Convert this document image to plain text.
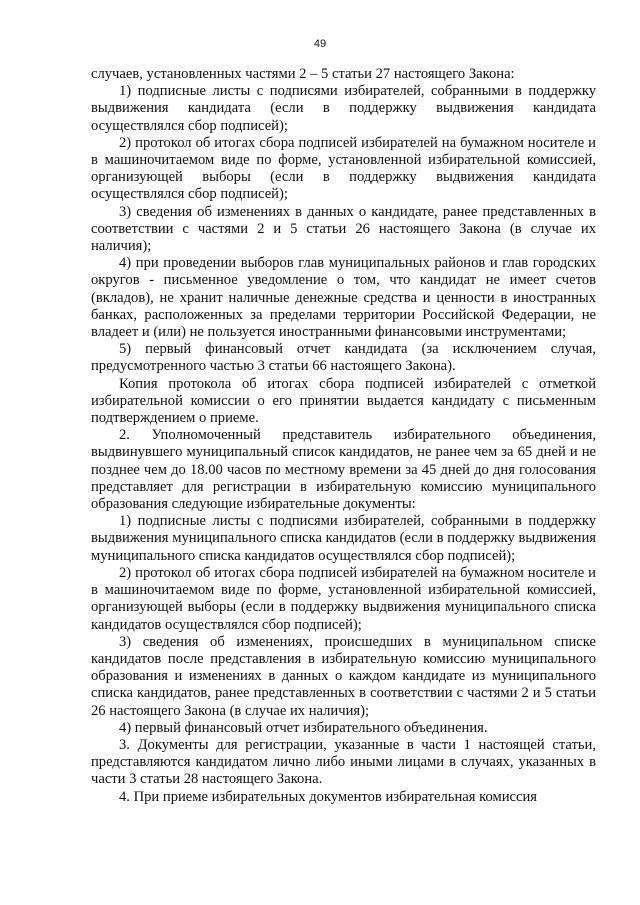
49

случаев, установленных частями 2 – 5 статьи 27 настоящего Закона:

1) подписные листы с подписями избирателей, собранными в поддержку выдвижения кандидата (если в поддержку выдвижения кандидата осуществлялся сбор подписей);

2) протокол об итогах сбора подписей избирателей на бумажном носителе и в машиночитаемом виде по форме, установленной избирательной комиссией, организующей выборы (если в поддержку выдвижения кандидата осуществлялся сбор подписей);

3) сведения об изменениях в данных о кандидате, ранее представленных в соответствии с частями 2 и 5 статьи 26 настоящего Закона (в случае их наличия);

4) при проведении выборов глав муниципальных районов и глав городских округов - письменное уведомление о том, что кандидат не имеет счетов (вкладов), не хранит наличные денежные средства и ценности в иностранных банках, расположенных за пределами территории Российской Федерации, не владеет и (или) не пользуется иностранными финансовыми инструментами;

5) первый финансовый отчет кандидата (за исключением случая, предусмотренного частью 3 статьи 66 настоящего Закона).

Копия протокола об итогах сбора подписей избирателей с отметкой избирательной комиссии о его принятии выдается кандидату с письменным подтверждением о приеме.

2. Уполномоченный представитель избирательного объединения, выдвинувшего муниципальный список кандидатов, не ранее чем за 65 дней и не позднее чем до 18.00 часов по местному времени за 45 дней до дня голосования представляет для регистрации в избирательную комиссию муниципального образования следующие избирательные документы:

1) подписные листы с подписями избирателей, собранными в поддержку выдвижения муниципального списка кандидатов (если в поддержку выдвижения муниципального списка кандидатов осуществлялся сбор подписей);

2) протокол об итогах сбора подписей избирателей на бумажном носителе и в машиночитаемом виде по форме, установленной избирательной комиссией, организующей выборы (если в поддержку выдвижения муниципального списка кандидатов осуществлялся сбор подписей);

3) сведения об изменениях, происшедших в муниципальном списке кандидатов после представления в избирательную комиссию муниципального образования и изменениях в данных о каждом кандидате из муниципального списка кандидатов, ранее представленных в соответствии с частями 2 и 5 статьи 26 настоящего Закона (в случае их наличия);

4) первый финансовый отчет избирательного объединения.

3. Документы для регистрации, указанные в части 1 настоящей статьи, представляются кандидатом лично либо иными лицами в случаях, указанных в части 3 статьи 28 настоящего Закона.

4. При приеме избирательных документов избирательная комиссия
